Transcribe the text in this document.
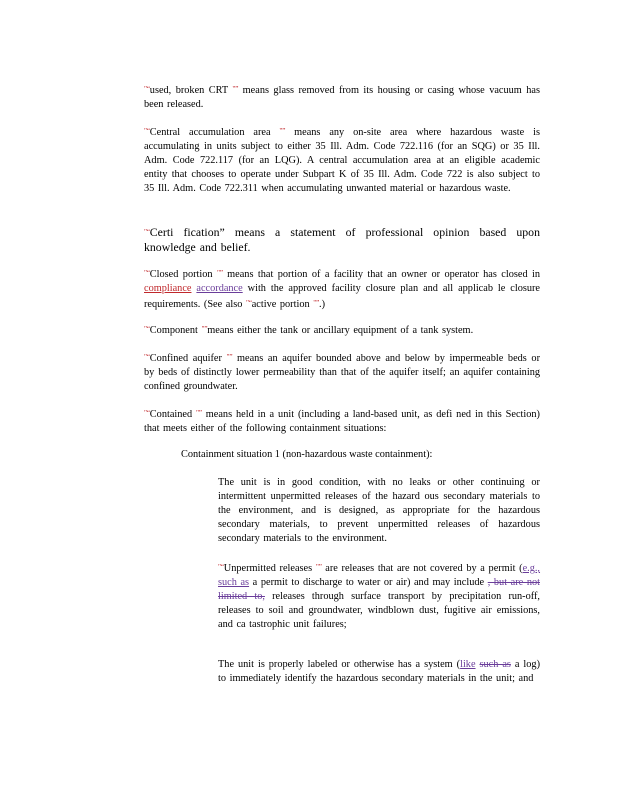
"“used, broken CRT "” means glass removed from its housing or casing whose vacuum has been released.

"“Central accumulation area "” means any on-site area where hazardous waste is accumulating in units subject to either 35 Ill. Adm. Code 722.116 (for an SQG) or 35 Ill. Adm. Code 722.117 (for an LQG). A central accumulation area at an eligible academic entity that chooses to operate under Subpart K of 35 Ill. Adm. Code 722 is also subject to 35 Ill. Adm. Code 722.311 when accumulating unwanted material or hazardous waste.

"“Certi fication” means a statement of professional opinion based upon knowledge and belief.

"“Closed portion "” means that portion of a facility that an owner or operator has closed in compliance accordance with the approved facility closure plan and all applicab le closure requirements. (See also "“active portion "”.)

"“Component "”means either the tank or ancillary equipment of a tank system.

"“Confined aquifer "” means an aquifer bounded above and below by impermeable beds or by beds of distinctly lower permeability than that of the aquifer itself; an aquifer containing confined groundwater.

"“Contained "” means held in a unit (including a land-based unit, as defi ned in this Section) that meets either of the following containment situations:

Containment situation 1 (non-hazardous waste containment):

The unit is in good condition, with no leaks or other continuing or intermittent unpermitted releases of the hazard ous secondary materials to the environment, and is designed, as appropriate for the hazardous secondary materials, to prevent unpermitted releases of hazardous secondary materials to the environment.

"“Unpermitted releases "” are releases that are not covered by a permit (e.g., such as a permit to discharge to water or air) and may include , but are not limited to, releases through surface transport by precipitation run-off, releases to soil and groundwater, windblown dust, fugitive air emissions, and ca tastrophic unit failures;

The unit is properly labeled or otherwise has a system (like such as a log) to immediately identify the hazardous secondary materials in the unit; and
